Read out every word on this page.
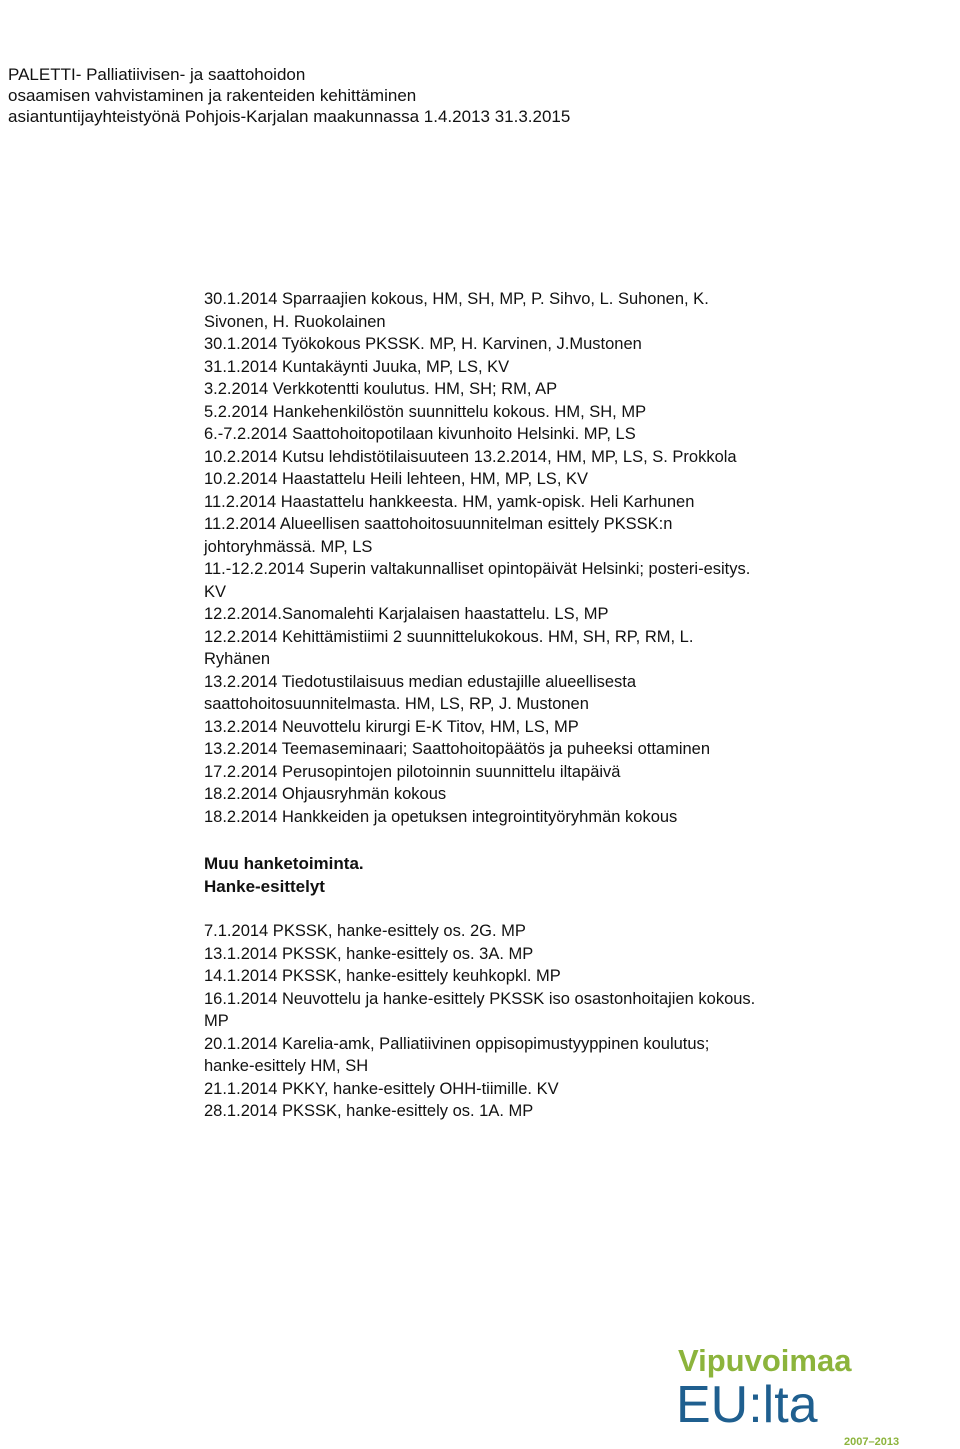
PALETTI- Palliatiivisen- ja saattohoidon
osaamisen vahvistaminen ja rakenteiden kehittäminen
asiantuntijayhteistyönä Pohjois-Karjalan maakunnassa 1.4.2013 31.3.2015
30.1.2014 Sparraajien kokous, HM, SH, MP, P. Sihvo, L. Suhonen, K.
Sivonen, H. Ruokolainen
30.1.2014 Työkokous PKSSK. MP, H. Karvinen, J.Mustonen
31.1.2014 Kuntakäynti Juuka, MP, LS, KV
3.2.2014 Verkkotentti koulutus. HM, SH; RM, AP
5.2.2014 Hankehenkilöstön suunnittelu kokous. HM, SH, MP
6.-7.2.2014 Saattohoitopotilaan kivunhoito Helsinki. MP, LS
10.2.2014 Kutsu lehdistötilaisuuteen 13.2.2014, HM, MP, LS, S. Prokkola
10.2.2014 Haastattelu Heili lehteen, HM, MP, LS, KV
11.2.2014 Haastattelu hankkeesta. HM, yamk-opisk. Heli Karhunen
11.2.2014 Alueellisen saattohoitosuunnitelman esittely PKSSK:n
johtoryhmässä. MP, LS
11.-12.2.2014 Superin valtakunnalliset opintopäivät Helsinki; posteri-esitys.
KV
12.2.2014.Sanomalehti Karjalaisen haastattelu. LS, MP
12.2.2014 Kehittämistiimi 2 suunnittelukokous. HM, SH, RP, RM, L.
Ryhänen
13.2.2014 Tiedotustilaisuus median edustajille alueellisesta
saattohoitosuunnitelmasta. HM, LS, RP, J. Mustonen
13.2.2014 Neuvottelu kirurgi E-K Titov, HM, LS, MP
13.2.2014 Teemaseminaari; Saattohoitopäätös ja puheeksi ottaminen
17.2.2014 Perusopintojen pilotoinnin suunnittelu iltapäivä
18.2.2014 Ohjausryhmän kokous
18.2.2014 Hankkeiden ja opetuksen integrointityöryhmän kokous
Muu hanketoiminta.
Hanke-esittelyt
7.1.2014 PKSSK, hanke-esittely os. 2G. MP
13.1.2014 PKSSK, hanke-esittely os. 3A. MP
14.1.2014 PKSSK, hanke-esittely keuhkopkl. MP
16.1.2014 Neuvottelu ja hanke-esittely PKSSK iso osastonhoitajien kokous.
MP
20.1.2014 Karelia-amk, Palliatiivinen oppisopimustyyppinen koulutus;
hanke-esittely HM, SH
21.1.2014 PKKY, hanke-esittely OHH-tiimille. KV
28.1.2014 PKSSK, hanke-esittely os. 1A. MP
Vipuvoimaa
EU:lta
2007–2013
